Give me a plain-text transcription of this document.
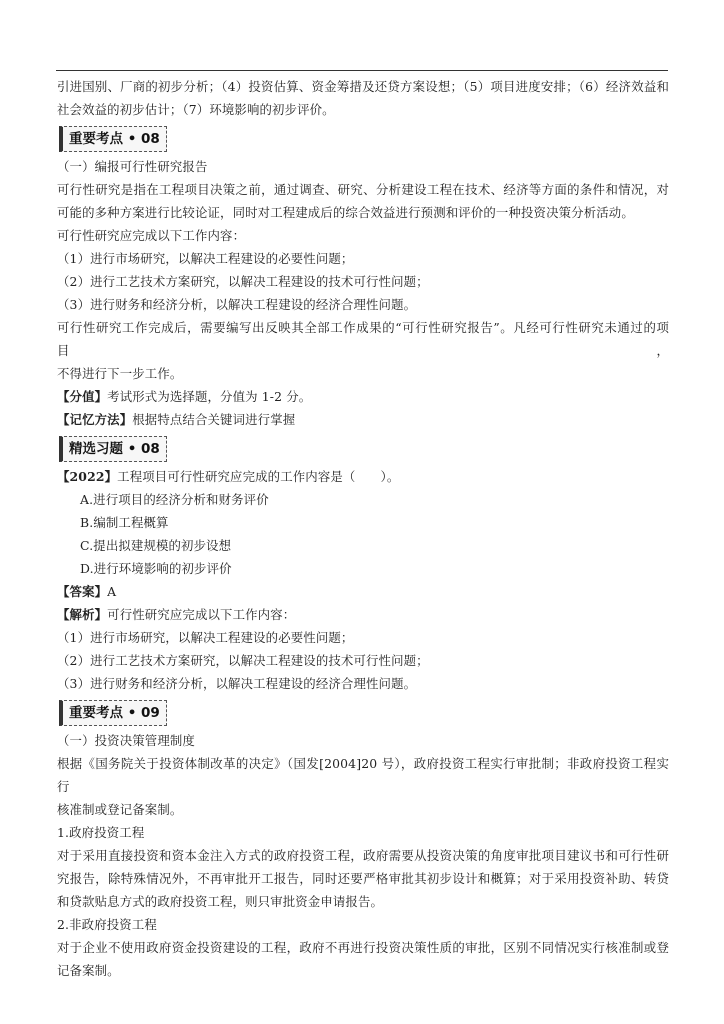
引进国别、厂商的初步分析；（4）投资估算、资金筹措及还贷方案设想；（5）项目进度安排；（6）经济效益和
社会效益的初步估计；（7）环境影响的初步评价。
重要考点 • 08
（一）编报可行性研究报告
可行性研究是指在工程项目决策之前，通过调查、研究、分析建设工程在技术、经济等方面的条件和情况，对
可能的多种方案进行比较论证，同时对工程建成后的综合效益进行预测和评价的一种投资决策分析活动。
可行性研究应完成以下工作内容：
（1）进行市场研究，以解决工程建设的必要性问题；
（2）进行工艺技术方案研究，以解决工程建设的技术可行性问题；
（3）进行财务和经济分析，以解决工程建设的经济合理性问题。
可行性研究工作完成后，需要编写出反映其全部工作成果的“可行性研究报告”。凡经可行性研究未通过的项目，
不得进行下一步工作。
【分值】考试形式为选择题，分值为 1-2 分。
【记忆方法】根据特点结合关键词进行掌握
精选习题 • 08
【2022】工程项目可行性研究应完成的工作内容是（　　）。
A.进行项目的经济分析和财务评价
B.编制工程概算
C.提出拟建规模的初步设想
D.进行环境影响的初步评价
【答案】A
【解析】可行性研究应完成以下工作内容：
（1）进行市场研究，以解决工程建设的必要性问题；
（2）进行工艺技术方案研究，以解决工程建设的技术可行性问题；
（3）进行财务和经济分析，以解决工程建设的经济合理性问题。
重要考点 • 09
（一）投资决策管理制度
根据《国务院关于投资体制改革的决定》（国发[2004]20 号），政府投资工程实行审批制；非政府投资工程实行
核准制或登记备案制。
1.政府投资工程
对于采用直接投资和资本金注入方式的政府投资工程，政府需要从投资决策的角度审批项目建议书和可行性研
究报告，除特殊情况外，不再审批开工报告，同时还要严格审批其初步设计和概算；对于采用投资补助、转贷
和贷款贴息方式的政府投资工程，则只审批资金申请报告。
2.非政府投资工程
对于企业不使用政府资金投资建设的工程，政府不再进行投资决策性质的审批，区别不同情况实行核准制或登
记备案制。
